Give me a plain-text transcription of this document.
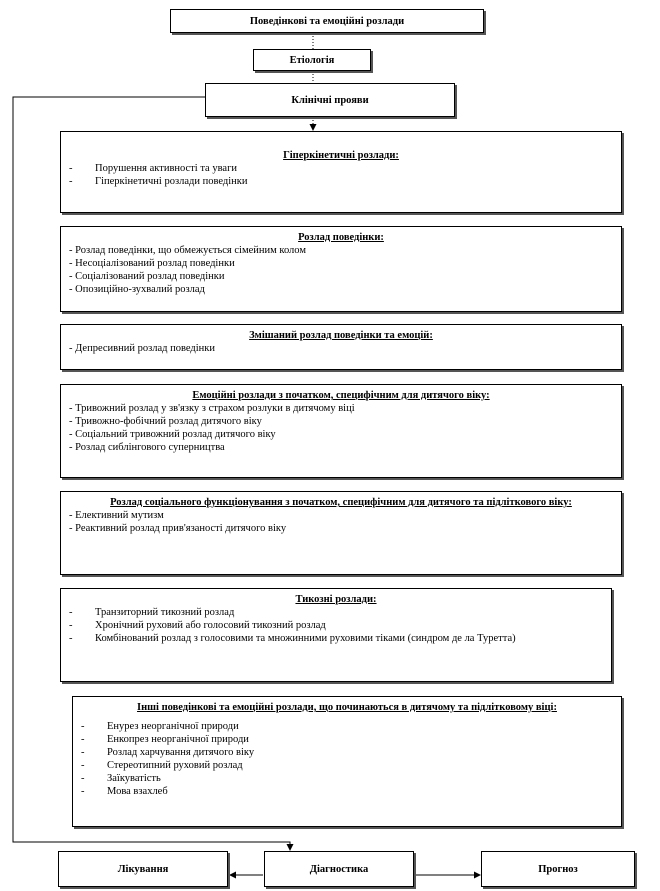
Поведінкові та емоційні розлади
Етіологія
Клінічні прояви
Гіперкінетичні розлади:
- Порушення активності та уваги
- Гіперкінетичні розлади поведінки
Розлад поведінки:
- Розлад поведінки, що обмежується сімейним колом
- Несоціалізований розлад поведінки
- Соціалізований розлад поведінки
- Опозиційно-зухвалий розлад
Змішаний розлад поведінки та емоцій:
- Депресивний розлад поведінки
Емоційні розлади з початком, специфічним для дитячого віку:
- Тривожний розлад у зв'язку з страхом розлуки в дитячому віці
- Тривожно-фобічний розлад дитячого віку
- Соціальний тривожний розлад дитячого віку
- Розлад сиблінгового суперництва
Розлад соціального функціонування з початком, специфічним для дитячого та підліткового віку:
- Елективний мутизм
- Реактивний розлад прив'язаності дитячого віку
Тикозні розлади:
- Транзиторний тикозний розлад
- Хронічний руховий або голосовий тикозний розлад
- Комбінований розлад з голосовими та множинними руховими тіками (синдром де ла Туретта)
Інші поведінкові та емоційні розлади, що починаються в дитячому та підлітковому віці:
- Енурез неорганічної природи
- Енкопрез неорганічної природи
- Розлад харчування дитячого віку
- Стереотипний руховий розлад
- Заїкуватість
- Мова взахлеб
Лікування	Діагностика	Прогноз
